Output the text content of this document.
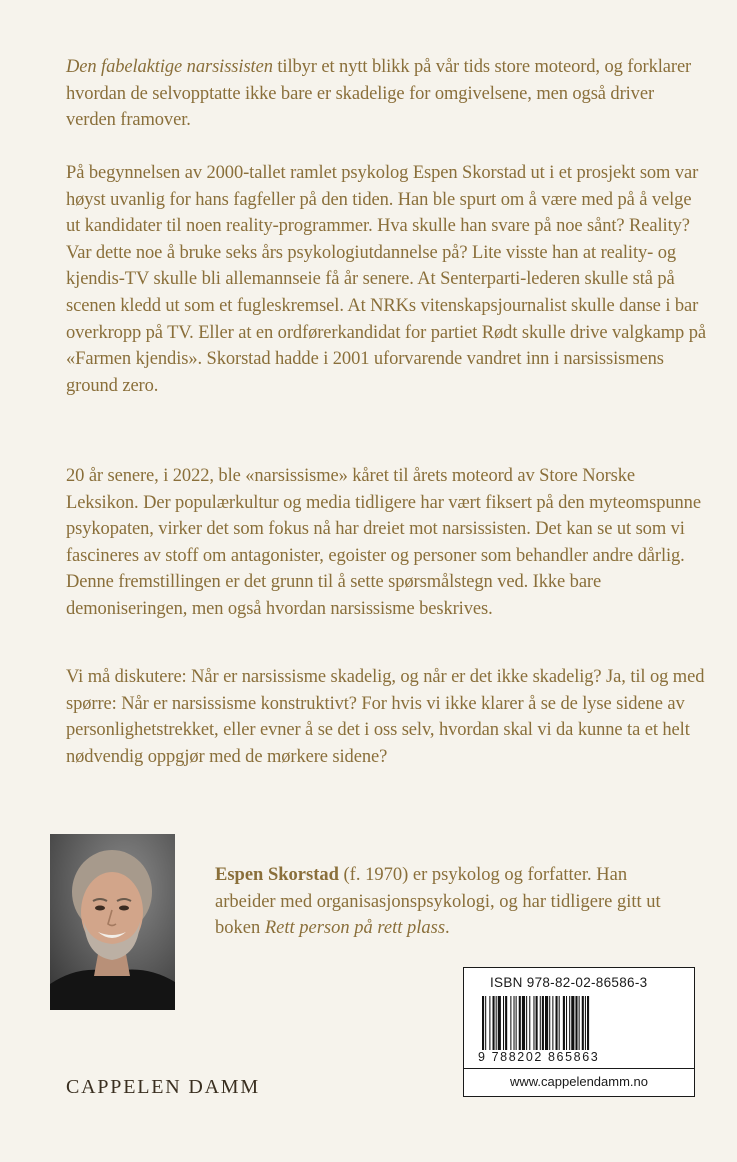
Den fabelaktige narsissisten tilbyr et nytt blikk på vår tids store moteord, og forklarer hvordan de selvopptatte ikke bare er skadelige for omgivelsene, men også driver verden framover.

På begynnelsen av 2000-tallet ramlet psykolog Espen Skorstad ut i et prosjekt som var høyst uvanlig for hans fagfeller på den tiden. Han ble spurt om å være med på å velge ut kandidater til noen reality-programmer. Hva skulle han svare på noe sånt? Reality? Var dette noe å bruke seks års psykologiutdannelse på? Lite visste han at reality- og kjendis-TV skulle bli allemannseie få år senere. At Senterparti-lederen skulle stå på scenen kledd ut som et fugleskremsel. At NRKs vitenskapsjournalist skulle danse i bar overkropp på TV. Eller at en ordførerkandidat for partiet Rødt skulle drive valgkamp på «Farmen kjendis». Skorstad hadde i 2001 uforvarende vandret inn i narsissismens ground zero.

20 år senere, i 2022, ble «narsissisme» kåret til årets moteord av Store Norske Leksikon. Der populærkultur og media tidligere har vært fiksert på den myteomspunne psykopaten, virker det som fokus nå har dreiet mot narsissisten. Det kan se ut som vi fascineres av stoff om antagonister, egoister og personer som behandler andre dårlig. Denne fremstillingen er det grunn til å sette spørsmålstegn ved. Ikke bare demoniseringen, men også hvordan narsissisme beskrives.

Vi må diskutere: Når er narsissisme skadelig, og når er det ikke skadelig? Ja, til og med spørre: Når er narsissisme konstruktivt? For hvis vi ikke klarer å se de lyse sidene av personlighetstrekket, eller evner å se det i oss selv, hvordan skal vi da kunne ta et helt nødvendig oppgjør med de mørkere sidene?

Espen Skorstad (f. 1970) er psykolog og forfatter. Han arbeider med organisasjonspsykologi, og har tidligere gitt ut boken Rett person på rett plass.
CAPPELEN DAMM
ISBN 978-82-02-86586-3
9 788202 865863
www.cappelendamm.no
